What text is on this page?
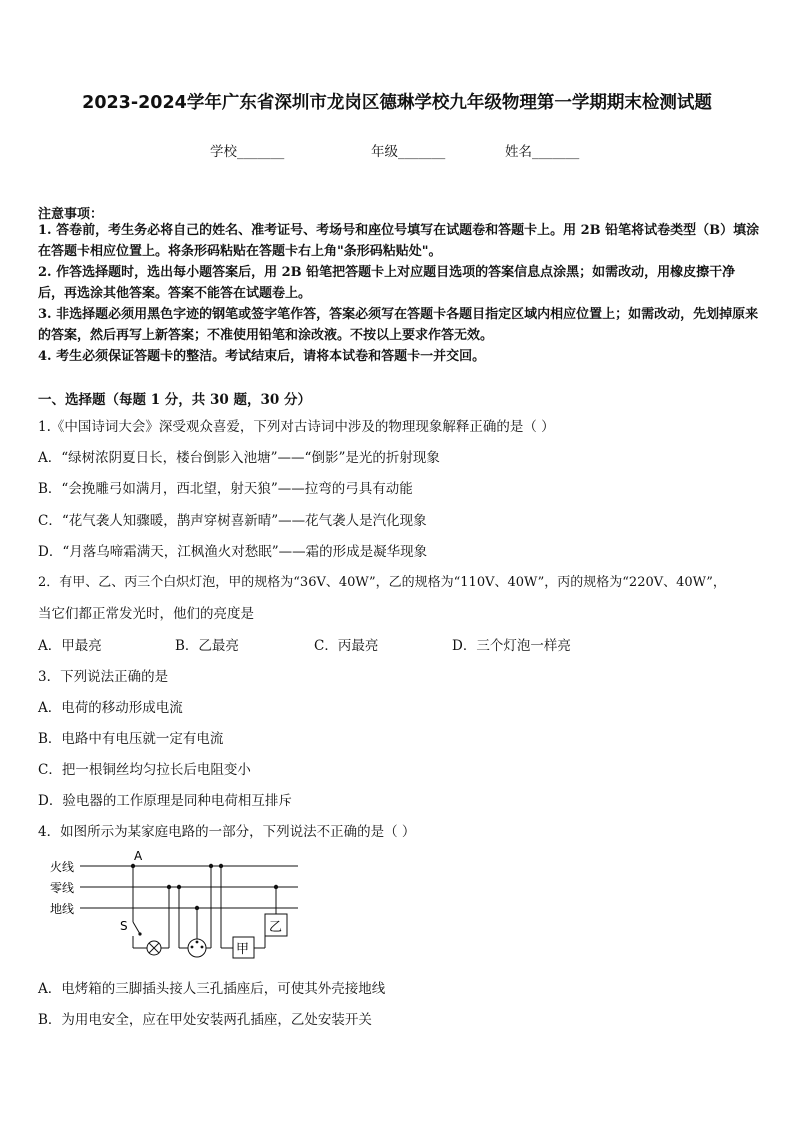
2023-2024学年广东省深圳市龙岗区德琳学校九年级物理第一学期期末检测试题
学校_______	年级_______	姓名_______
注意事项：
1. 答卷前，考生务必将自己的姓名、准考证号、考场号和座位号填写在试题卷和答题卡上。用 2B 铅笔将试卷类型（B）填涂在答题卡相应位置上。将条形码粘贴在答题卡右上角"条形码粘贴处"。
2. 作答选择题时，选出每小题答案后，用 2B 铅笔把答题卡上对应题目选项的答案信息点涂黑；如需改动，用橡皮擦干净后，再选涂其他答案。答案不能答在试题卷上。
3. 非选择题必须用黑色字迹的钢笔或签字笔作答，答案必须写在答题卡各题目指定区域内相应位置上；如需改动，先划掉原来的答案，然后再写上新答案；不准使用铅笔和涂改液。不按以上要求作答无效。
4. 考生必须保证答题卡的整洁。考试结束后，请将本试卷和答题卡一并交回。
一、选择题（每题 1 分，共 30 题，30 分）
1.《中国诗词大会》深受观众喜爱，下列对古诗词中涉及的物理现象解释正确的是（ ）
A．“绿树浓阴夏日长，楼台倒影入池塘”——“倒影”是光的折射现象
B．“会挽雕弓如满月，西北望，射天狼”——拉弯的弓具有动能
C．“花气袭人知骤暖，鹊声穿树喜新晴”——花气袭人是汽化现象
D．“月落乌啼霜满天，江枫渔火对愁眠”——霜的形成是凝华现象
2．有甲、乙、丙三个白炽灯泡，甲的规格为“36V、40W”，乙的规格为“110V、40W”，丙的规格为“220V、40W”，
当它们都正常发光时，他们的亮度是
A．甲最亮	B．乙最亮	C．丙最亮	D．三个灯泡一样亮
3．下列说法正确的是
A．电荷的移动形成电流
B．电路中有电压就一定有电流
C．把一根铜丝均匀拉长后电阻变小
D．验电器的工作原理是同种电荷相互排斥
4．如图所示为某家庭电路的一部分，下列说法不正确的是（ ）
火线
零线
地线
A
S
甲
乙
A．电烤箱的三脚插头接人三孔插座后，可使其外壳接地线
B．为用电安全，应在甲处安装两孔插座，乙处安装开关
